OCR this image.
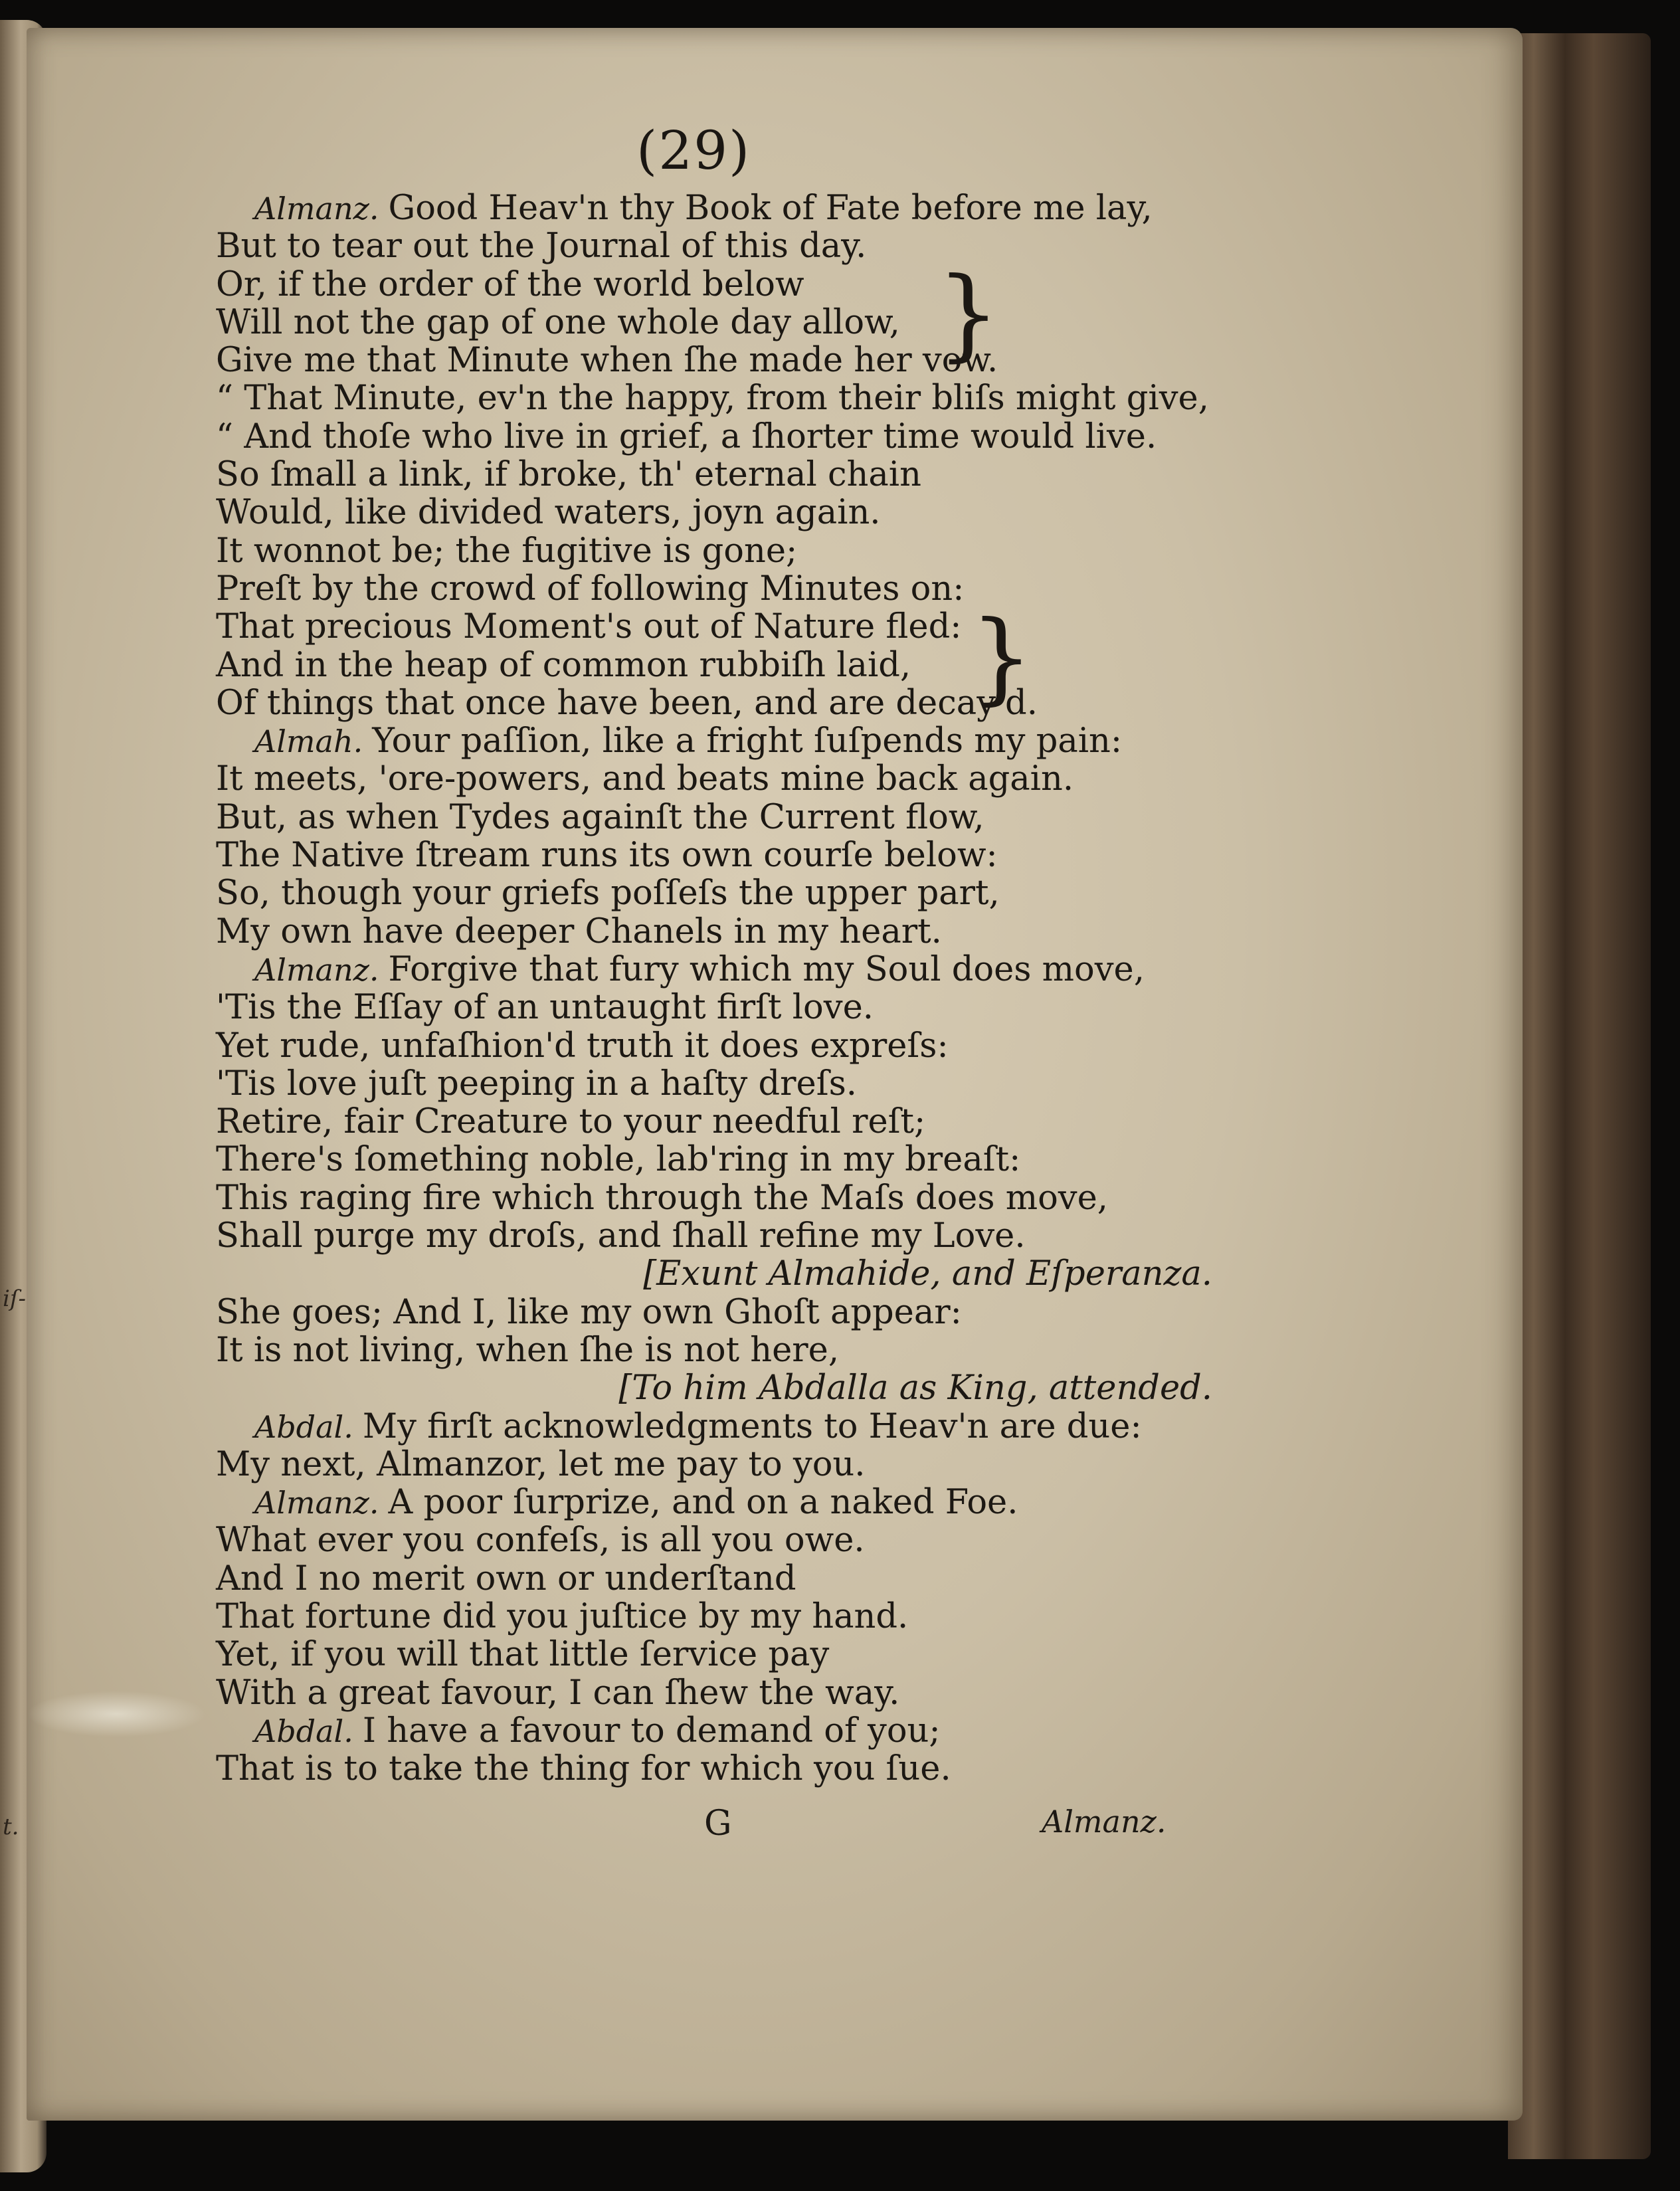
iſ-
t.
(29)
Almanz. Good Heav'n thy Book of Fate before me lay,
But to tear out the Journal of this day.
Or, if the order of the world below
Will not the gap of one whole day allow,
Give me that Minute when ſhe made her vow.
“ That Minute, ev'n the happy, from their bliſs might give,
“ And thoſe who live in grief, a ſhorter time would live.
So ſmall a link, if broke, th' eternal chain
Would, like divided waters, joyn again.
It wonnot be; the fugitive is gone;
Preſt by the crowd of following Minutes on:
That precious Moment's out of Nature fled:
And in the heap of common rubbiſh laid,
Of things that once have been, and are decay'd.
Almah. Your paſſion, like a fright ſuſpends my pain:
It meets, 'ore-powers, and beats mine back again.
But, as when Tydes againſt the Current flow,
The Native ſtream runs its own courſe below:
So, though your griefs poſſeſs the upper part,
My own have deeper Chanels in my heart.
Almanz. Forgive that fury which my Soul does move,
'Tis the Eſſay of an untaught firſt love.
Yet rude, unfaſhion'd truth it does expreſs:
'Tis love juſt peeping in a haſty dreſs.
Retire, fair Creature to your needful reſt;
There's ſomething noble, lab'ring in my breaſt:
This raging fire which through the Maſs does move,
Shall purge my droſs, and ſhall refine my Love.
[Exunt Almahide, and Eſperanza.
She goes; And I, like my own Ghoſt appear:
It is not living, when ſhe is not here,
[To him Abdalla as King, attended.
Abdal. My firſt acknowledgments to Heav'n are due:
My next, Almanzor, let me pay to you.
Almanz. A poor ſurprize, and on a naked Foe.
What ever you confeſs, is all you owe.
And I no merit own or underſtand
That fortune did you juſtice by my hand.
Yet, if you will that little ſervice pay
With a great favour, I can ſhew the way.
Abdal. I have a favour to demand of you;
That is to take the thing for which you ſue.
}
}
G	Almanz.
